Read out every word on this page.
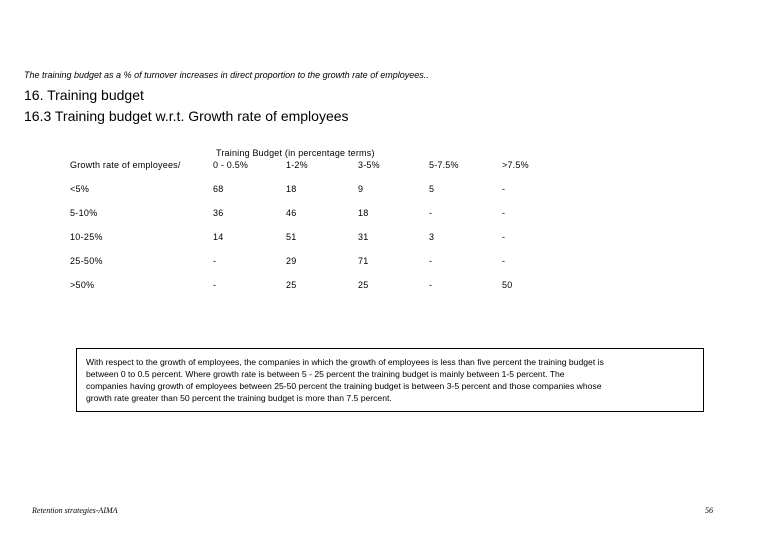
The training budget as a % of turnover increases in direct proportion to the growth rate of employees..
16. Training budget
16.3 Training budget w.r.t. Growth rate of employees
Training Budget (in percentage terms)
Growth rate of employees/	0 - 0.5%	1-2%	3-5%	5-7.5%	>7.5%
<5%	68	18	9	5	-
5-10%	36	46	18	-	-
10-25%	14	51	31	3	-
25-50%	-	29	71	-	-
>50%	-	25	25	-	50
With respect to the growth of employees, the companies in which the growth of employees is less than five percent the training budget is
between 0 to 0.5 percent. Where growth rate is between 5 - 25 percent the training budget is mainly between 1-5 percent. The
companies having growth of employees between 25-50 percent the training budget is between 3-5 percent and those companies whose
growth rate greater than 50 percent the training budget is more than 7.5 percent.
Retention strategies-AIMA	56
